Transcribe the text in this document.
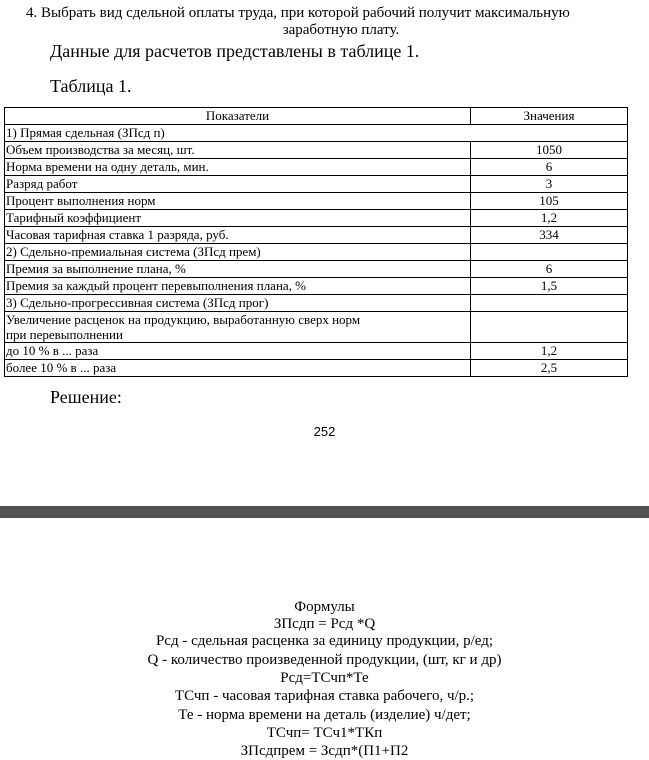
4. Выбрать вид сдельной оплаты труда, при которой рабочий получит максимальную
заработную плату.
Данные для расчетов представлены в таблице 1.
Таблица 1.
Показатели	Значения
1) Прямая сдельная (ЗПсд п)	
Объем производства за месяц, шт.	1050
Норма времени на одну деталь, мин.	6
Разряд работ	3
Процент выполнения норм	105
Тарифный коэффициент	1,2
Часовая тарифная ставка 1 разряда, руб.	334
2) Сдельно-премиальная система (ЗПсд прем)	
Премия за выполнение плана, %	6
Премия за каждый процент перевыполнения плана, %	1,5
3) Сдельно-прогрессивная система (ЗПсд прог)	

Увеличение расценок на продукцию, выработанную сверх норм
при перевыполнении	

до 10 % в ... раза	1,2
более 10 % в ... раза	2,5
Решение:
252
Формулы
ЗПсдп = Рсд *Q
Рсд - сдельная расценка за единицу продукции, р/ед;
Q - количество произведенной продукции, (шт, кг и др)
Рсд=ТСчп*Те
ТСчп - часовая тарифная ставка рабочего, ч/р.;
Те - норма времени на деталь (изделие) ч/дет;
ТСчп= ТСч1*ТКп
ЗПсдпрем = Зсдп*(П1+П2
